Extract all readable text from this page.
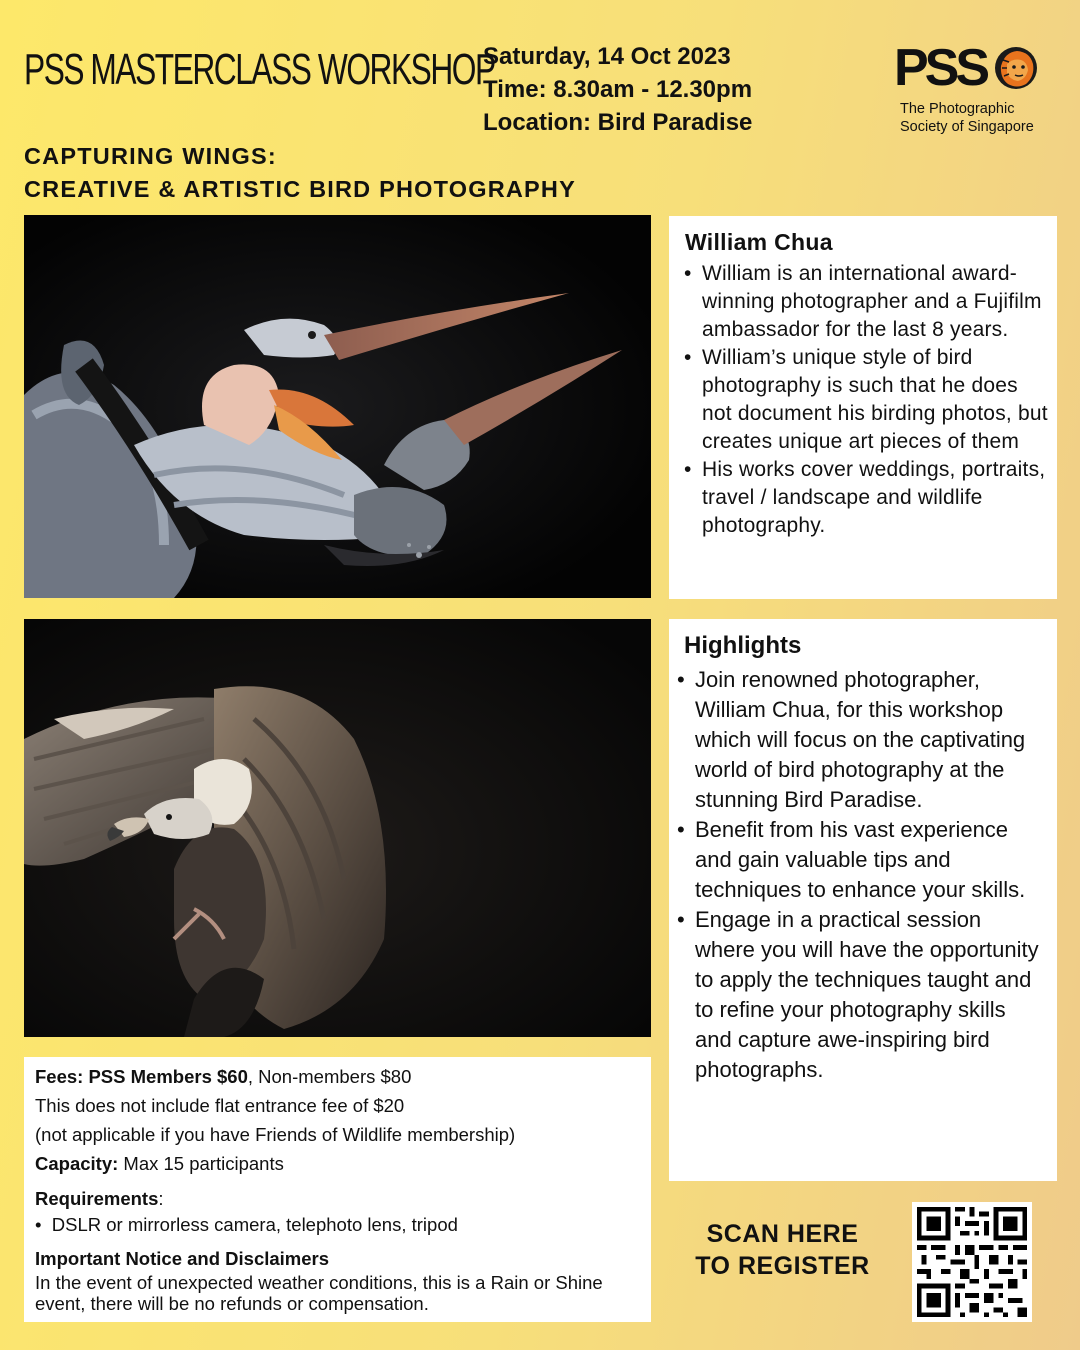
PSS MASTERCLASS WORKSHOP
Saturday, 14 Oct 2023
Time: 8.30am - 12.30pm
Location: Bird Paradise
CAPTURING WINGS:
CREATIVE & ARTISTIC BIRD PHOTOGRAPHY
PSS
The Photographic
Society of Singapore
William Chua
• William is an international award-winning photographer and a Fujifilm ambassador for the last 8 years.
• William’s unique style of bird photography is such that he does not document his birding photos, but creates unique art pieces of them
• His works cover weddings, portraits, travel / landscape and wildlife photography.
Highlights
• Join renowned photographer, William Chua, for this workshop which will focus on the captivating world of bird photography at the stunning Bird Paradise.
• Benefit from his vast experience and gain valuable tips and techniques to enhance your skills.
• Engage in a practical session where you will have the opportunity to apply the techniques taught and to refine your photography skills and capture awe-inspiring bird photographs.
Fees: PSS Members $60, Non-members $80
This does not include flat entrance fee of $20
(not applicable if you have Friends of Wildlife membership)
Capacity: Max 15 participants
Requirements:
• DSLR or mirrorless camera, telephoto lens, tripod
Important Notice and Disclaimers
In the event of unexpected weather conditions, this is a Rain or Shine event, there will be no refunds or compensation.
SCAN HERE
TO REGISTER
